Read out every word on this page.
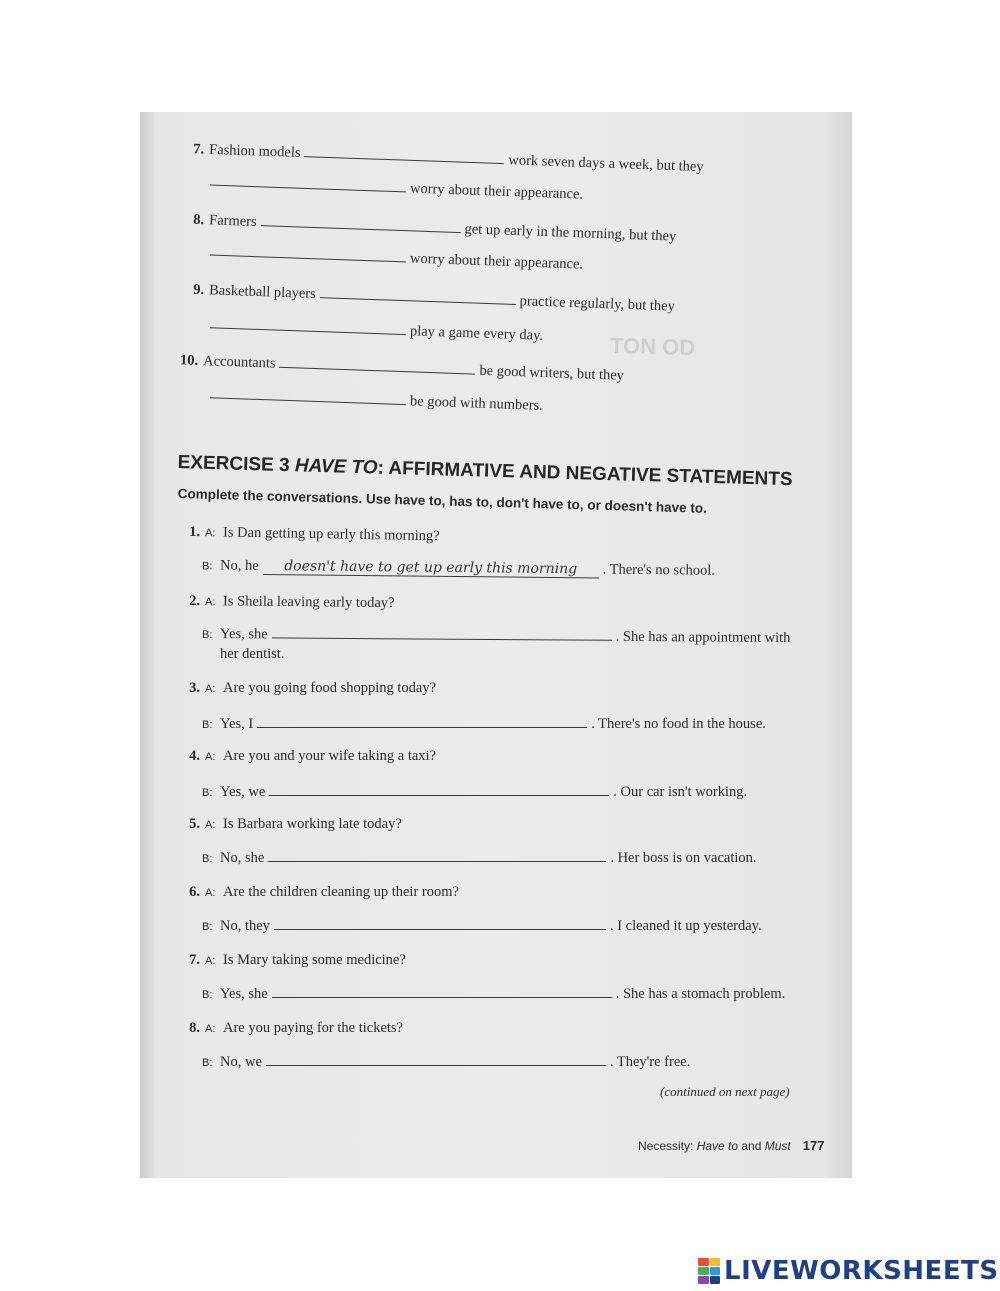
TON OD
7. Fashion modelswork seven days a week, but they
worry about their appearance.
8. Farmersget up early in the morning, but they
worry about their appearance.
9. Basketball playerspractice regularly, but they
play a game every day.
10. Accountantsbe good writers, but they
be good with numbers.
EXERCISE 3 HAVE TO: AFFIRMATIVE AND NEGATIVE STATEMENTS
Complete the conversations. Use have to, has to, don't have to, or doesn't have to.
1. A: Is Dan getting up early this morning?
B: No, he doesn't have to get up early this morning . There's no school.
2. A: Is Sheila leaving early today?
B: Yes, she	. She has an appointment with
her dentist.
3. A: Are you going food shopping today?
B: Yes, I	. There's no food in the house.
4. A: Are you and your wife taking a taxi?
B: Yes, we	. Our car isn't working.
5. A: Is Barbara working late today?
B: No, she	. Her boss is on vacation.
6. A: Are the children cleaning up their room?
B: No, they	. I cleaned it up yesterday.
7. A: Is Mary taking some medicine?
B: Yes, she	. She has a stomach problem.
8. A: Are you paying for the tickets?
B: No, we	. They're free.
(continued on next page)
Necessity: Have to and Must 177
LIVEWORKSHEETS
